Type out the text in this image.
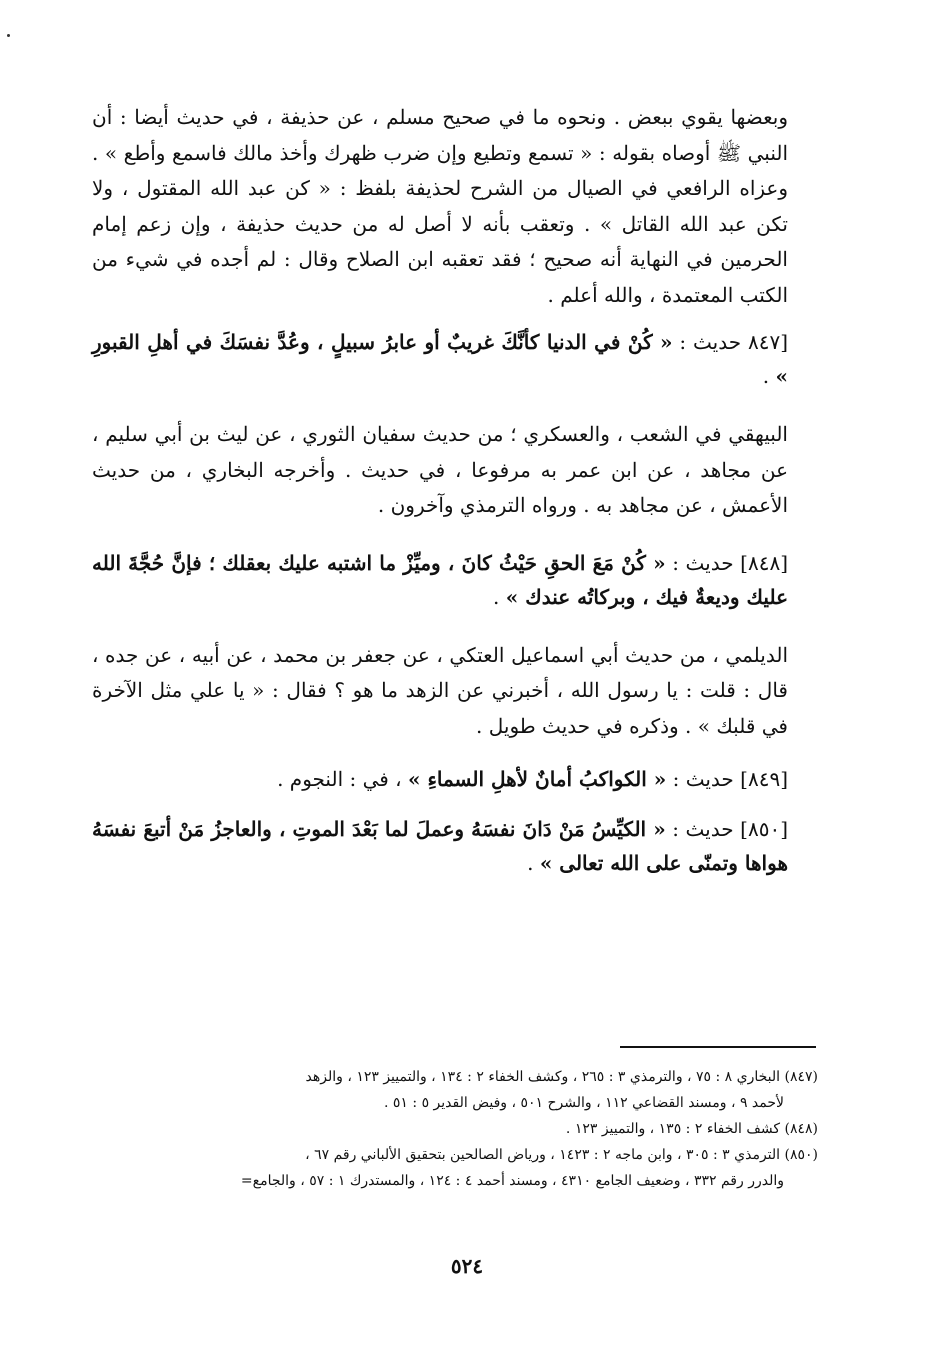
وبعضها يقوي ببعض . ونحوه ما في صحيح مسلم ، عن حذيفة ، في حديث أيضا : أن النبي ﷺ أوصاه بقوله : « تسمع وتطيع وإن ضرب ظهرك وأخذ مالك فاسمع وأطع » . وعزاه الرافعي في الصيال من الشرح لحذيفة بلفظ : « كن عبد الله المقتول ، ولا تكن عبد الله القاتل » . وتعقب بأنه لا أصل له من حديث حذيفة ، وإن زعم إمام الحرمين في النهاية أنه صحيح ؛ فقد تعقبه ابن الصلاح وقال : لم أجده في شيء من الكتب المعتمدة ، والله أعلم .

[٨٤٧ حديث : « كُنْ في الدنيا كأنَّكَ غريبٌ أو عابرُ سبيلٍ ، وعُدَّ نفسَكَ في أهلِ القبورِ » .

البيهقي في الشعب ، والعسكري ؛ من حديث سفيان الثوري ، عن ليث بن أبي سليم ، عن مجاهد ، عن ابن عمر به مرفوعا ، في حديث . وأخرجه البخاري ، من حديث الأعمش ، عن مجاهد به . ورواه الترمذي وآخرون .

[٨٤٨] حديث : « كُنْ مَعَ الحقِ حَيْثُ كانَ ، وميِّزْ ما اشتبه عليك بعقلك ؛ فإنَّ حُجَّةَ الله عليك وديعةٌ فيك ، وبركاتُه عندك » .

الديلمي ، من حديث أبي اسماعيل العتكي ، عن جعفر بن محمد ، عن أبيه ، عن جده ، قال : قلت : يا رسول الله ، أخبرني عن الزهد ما هو ؟ فقال : « يا علي مثل الآخرة في قلبك » . وذكره في حديث طويل .

[٨٤٩] حديث : « الكواكبُ أمانٌ لأهلِ السماءِ » ، في : النجوم .

[٨٥٠] حديث : « الكيِّسُ مَنْ دَانَ نفسَهُ وعملَ لما بَعْدَ الموتِ ، والعاجزُ مَنْ أتبعَ نفسَهُ هواها وتمنّى على الله تعالى » .

(٨٤٧) البخاري ٨ : ٧٥ ، والترمذي ٣ : ٢٦٥ ، وكشف الخفاء ٢ : ١٣٤ ، والتمييز ١٢٣ ، والزهد

لأحمد ٩ ، ومسند القضاعي ١١٢ ، والشرح ٥٠١ ، وفيض القدير ٥ : ٥١ .

(٨٤٨) كشف الخفاء ٢ : ١٣٥ ، والتمييز ١٢٣ .

(٨٥٠) الترمذي ٣ : ٣٠٥ ، وابن ماجه ٢ : ١٤٢٣ ، ورياض الصالحين بتحقيق الألباني رقم ٦٧ ،

والدرر رقم ٣٣٢ ، وضعيف الجامع ٤٣١٠ ، ومسند أحمد ٤ : ١٢٤ ، والمستدرك ١ : ٥٧ ، والجامع=

٥٢٤
